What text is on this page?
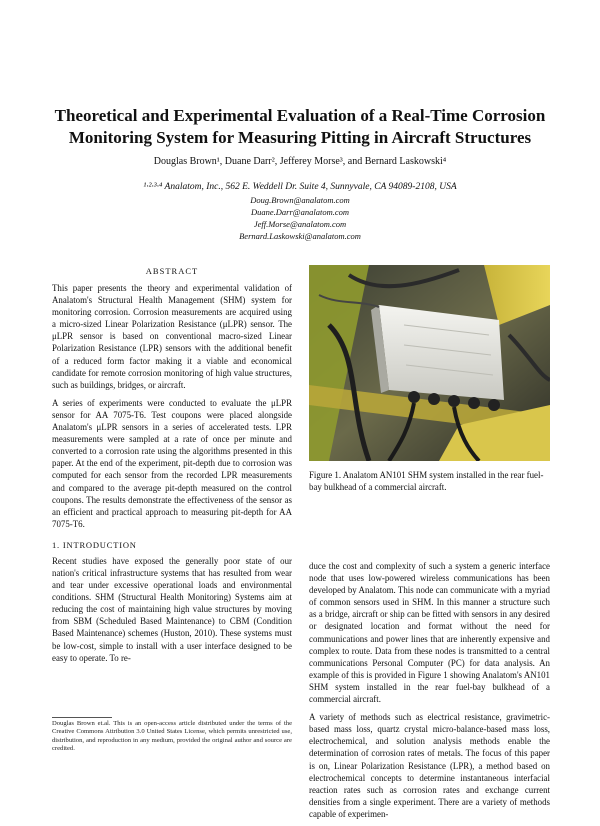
Theoretical and Experimental Evaluation of a Real-Time Corrosion Monitoring System for Measuring Pitting in Aircraft Structures
Douglas Brown¹, Duane Darr², Jefferey Morse³, and Bernard Laskowski⁴
¹·²·³·⁴ Analatom, Inc., 562 E. Weddell Dr. Suite 4, Sunnyvale, CA 94089-2108, USA
Doug.Brown@analatom.com
Duane.Darr@analatom.com
Jeff.Morse@analatom.com
Bernard.Laskowski@analatom.com
ABSTRACT

This paper presents the theory and experimental validation of Analatom's Structural Health Management (SHM) system for monitoring corrosion. Corrosion measurements are acquired using a micro-sized Linear Polarization Resistance (μLPR) sensor. The μLPR sensor is based on conventional macro-sized Linear Polarization Resistance (LPR) sensors with the additional benefit of a reduced form factor making it a viable and economical candidate for remote corrosion monitoring of high value structures, such as buildings, bridges, or aircraft.

A series of experiments were conducted to evaluate the μLPR sensor for AA 7075-T6. Test coupons were placed alongside Analatom's μLPR sensors in a series of accelerated tests. LPR measurements were sampled at a rate of once per minute and converted to a corrosion rate using the algorithms presented in this paper. At the end of the experiment, pit-depth due to corrosion was computed for each sensor from the recorded LPR measurements and compared to the average pit-depth measured on the control coupons. The results demonstrate the effectiveness of the sensor as an efficient and practical approach to measuring pit-depth for AA 7075-T6.

1. INTRODUCTION

Recent studies have exposed the generally poor state of our nation's critical infrastructure systems that has resulted from wear and tear under excessive operational loads and environmental conditions. SHM (Structural Health Monitoring) Systems aim at reducing the cost of maintaining high value structures by moving from SBM (Scheduled Based Maintenance) to CBM (Condition Based Maintenance) schemes (Huston, 2010). These systems must be low-cost, simple to install with a user interface designed to be easy to operate. To re-

Douglas Brown et.al. This is an open-access article distributed under the terms of the Creative Commons Attribution 3.0 United States License, which permits unrestricted use, distribution, and reproduction in any medium, provided the original author and source are credited.

Figure 1. Analatom AN101 SHM system installed in the rear fuel-bay bulkhead of a commercial aircraft.

duce the cost and complexity of such a system a generic interface node that uses low-powered wireless communications has been developed by Analatom. This node can communicate with a myriad of common sensors used in SHM. In this manner a structure such as a bridge, aircraft or ship can be fitted with sensors in any desired or designated location and format without the need for communications and power lines that are inherently expensive and complex to route. Data from these nodes is transmitted to a central communications Personal Computer (PC) for data analysis. An example of this is provided in Figure 1 showing Analatom's AN101 SHM system installed in the rear fuel-bay bulkhead of a commercial aircraft.

A variety of methods such as electrical resistance, gravimetric-based mass loss, quartz crystal micro-balance-based mass loss, electrochemical, and solution analysis methods enable the determination of corrosion rates of metals. The focus of this paper is on, Linear Polarization Resistance (LPR), a method based on electrochemical concepts to determine instantaneous interfacial reaction rates such as corrosion rates and exchange current densities from a single experiment. There are a variety of methods capable of experimen-
